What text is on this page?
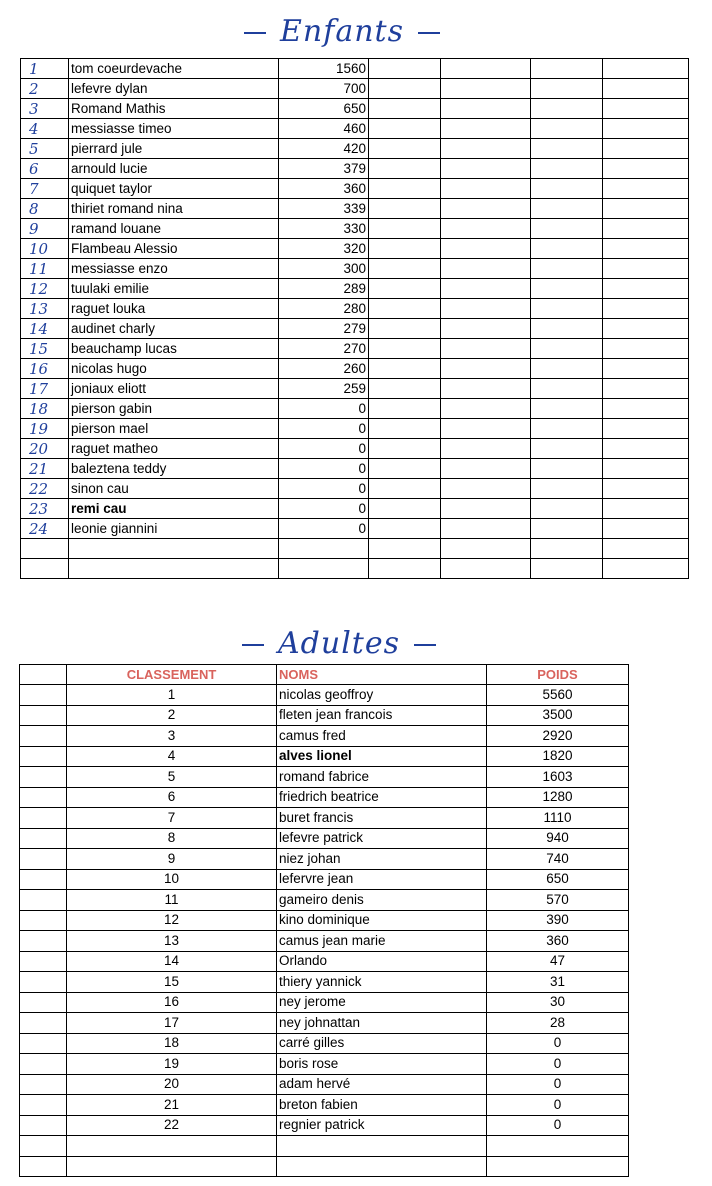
Enfants
1	tom coeurdevache	1560				
2	lefevre dylan	700				
3	Romand Mathis	650				
4	messiasse timeo	460				
5	pierrard jule	420				
6	arnould lucie	379				
7	quiquet taylor	360				
8	thiriet romand nina	339				
9	ramand louane	330				
10	Flambeau Alessio	320				
11	messiasse enzo	300				
12	tuulaki emilie	289				
13	raguet louka	280				
14	audinet charly	279				
15	beauchamp lucas	270				
16	nicolas hugo	260				
17	joniaux eliott	259				
18	pierson gabin	0				
19	pierson mael	0				
20	raguet matheo	0				
21	baleztena teddy	0				
22	sinon cau	0				
23	remi cau	0				
24	leonie giannini	0				

Adultes
	CLASSEMENT	NOMS	POIDS
	1	nicolas geoffroy	5560
	2	fleten jean francois	3500
	3	camus fred	2920
	4	alves lionel	1820
	5	romand fabrice	1603
	6	friedrich beatrice	1280
	7	buret francis	1110
	8	lefevre patrick	940
	9	niez johan	740
	10	lefervre jean	650
	11	gameiro denis	570
	12	kino dominique	390
	13	camus jean marie	360
	14	Orlando	47
	15	thiery yannick	31
	16	ney jerome	30
	17	ney johnattan	28
	18	carré gilles	0
	19	boris rose	0
	20	adam hervé	0
	21	breton fabien	0
	22	regnier patrick	0
